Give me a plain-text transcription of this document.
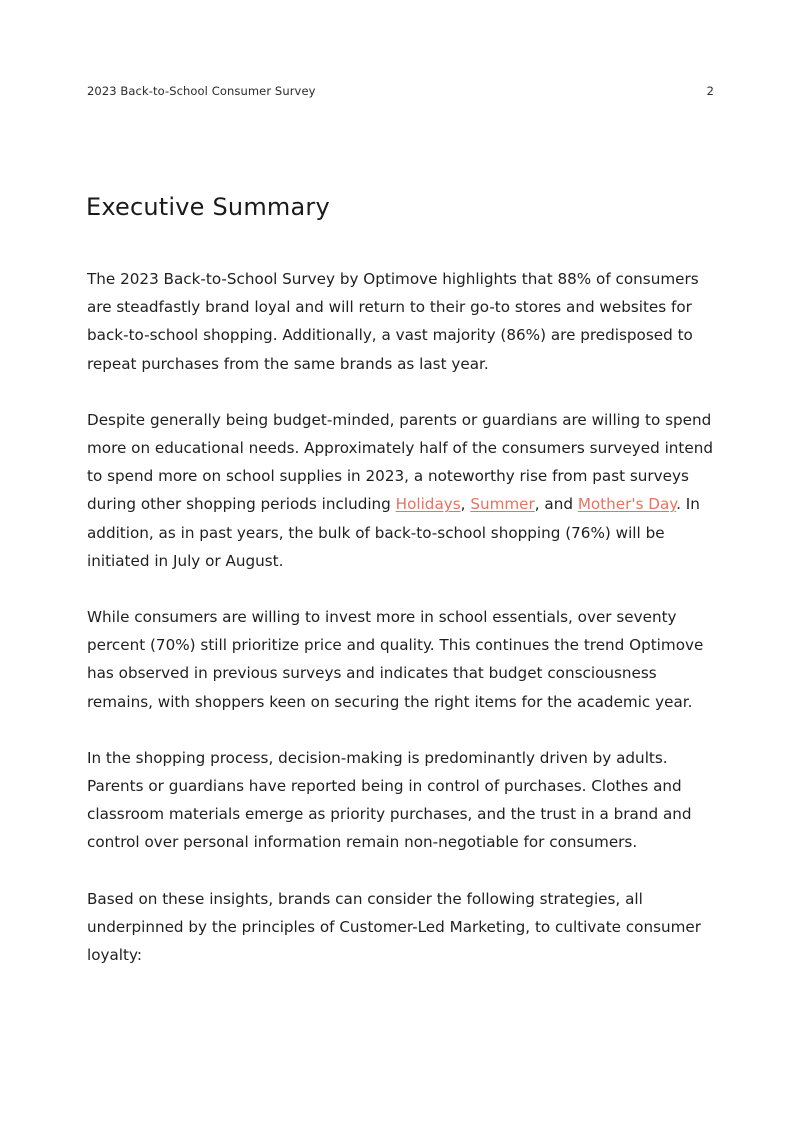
2023 Back-to-School Consumer Survey	2
Executive Summary

The 2023 Back-to-School Survey by Optimove highlights that 88% of consumers are steadfastly brand loyal and will return to their go-to stores and websites for back-to-school shopping. Additionally, a vast majority (86%) are predisposed to repeat purchases from the same brands as last year.

Despite generally being budget-minded, parents or guardians are willing to spend more on educational needs. Approximately half of the consumers surveyed intend to spend more on school supplies in 2023, a noteworthy rise from past surveys during other shopping periods including Holidays, Summer, and Mother's Day. In addition, as in past years, the bulk of back-to-school shopping (76%) will be initiated in July or August.

While consumers are willing to invest more in school essentials, over seventy percent (70%) still prioritize price and quality. This continues the trend Optimove has observed in previous surveys and indicates that budget consciousness remains, with shoppers keen on securing the right items for the academic year.

In the shopping process, decision-making is predominantly driven by adults. Parents or guardians have reported being in control of purchases. Clothes and classroom materials emerge as priority purchases, and the trust in a brand and control over personal information remain non-negotiable for consumers.

Based on these insights, brands can consider the following strategies, all underpinned by the principles of Customer-Led Marketing, to cultivate consumer loyalty:
